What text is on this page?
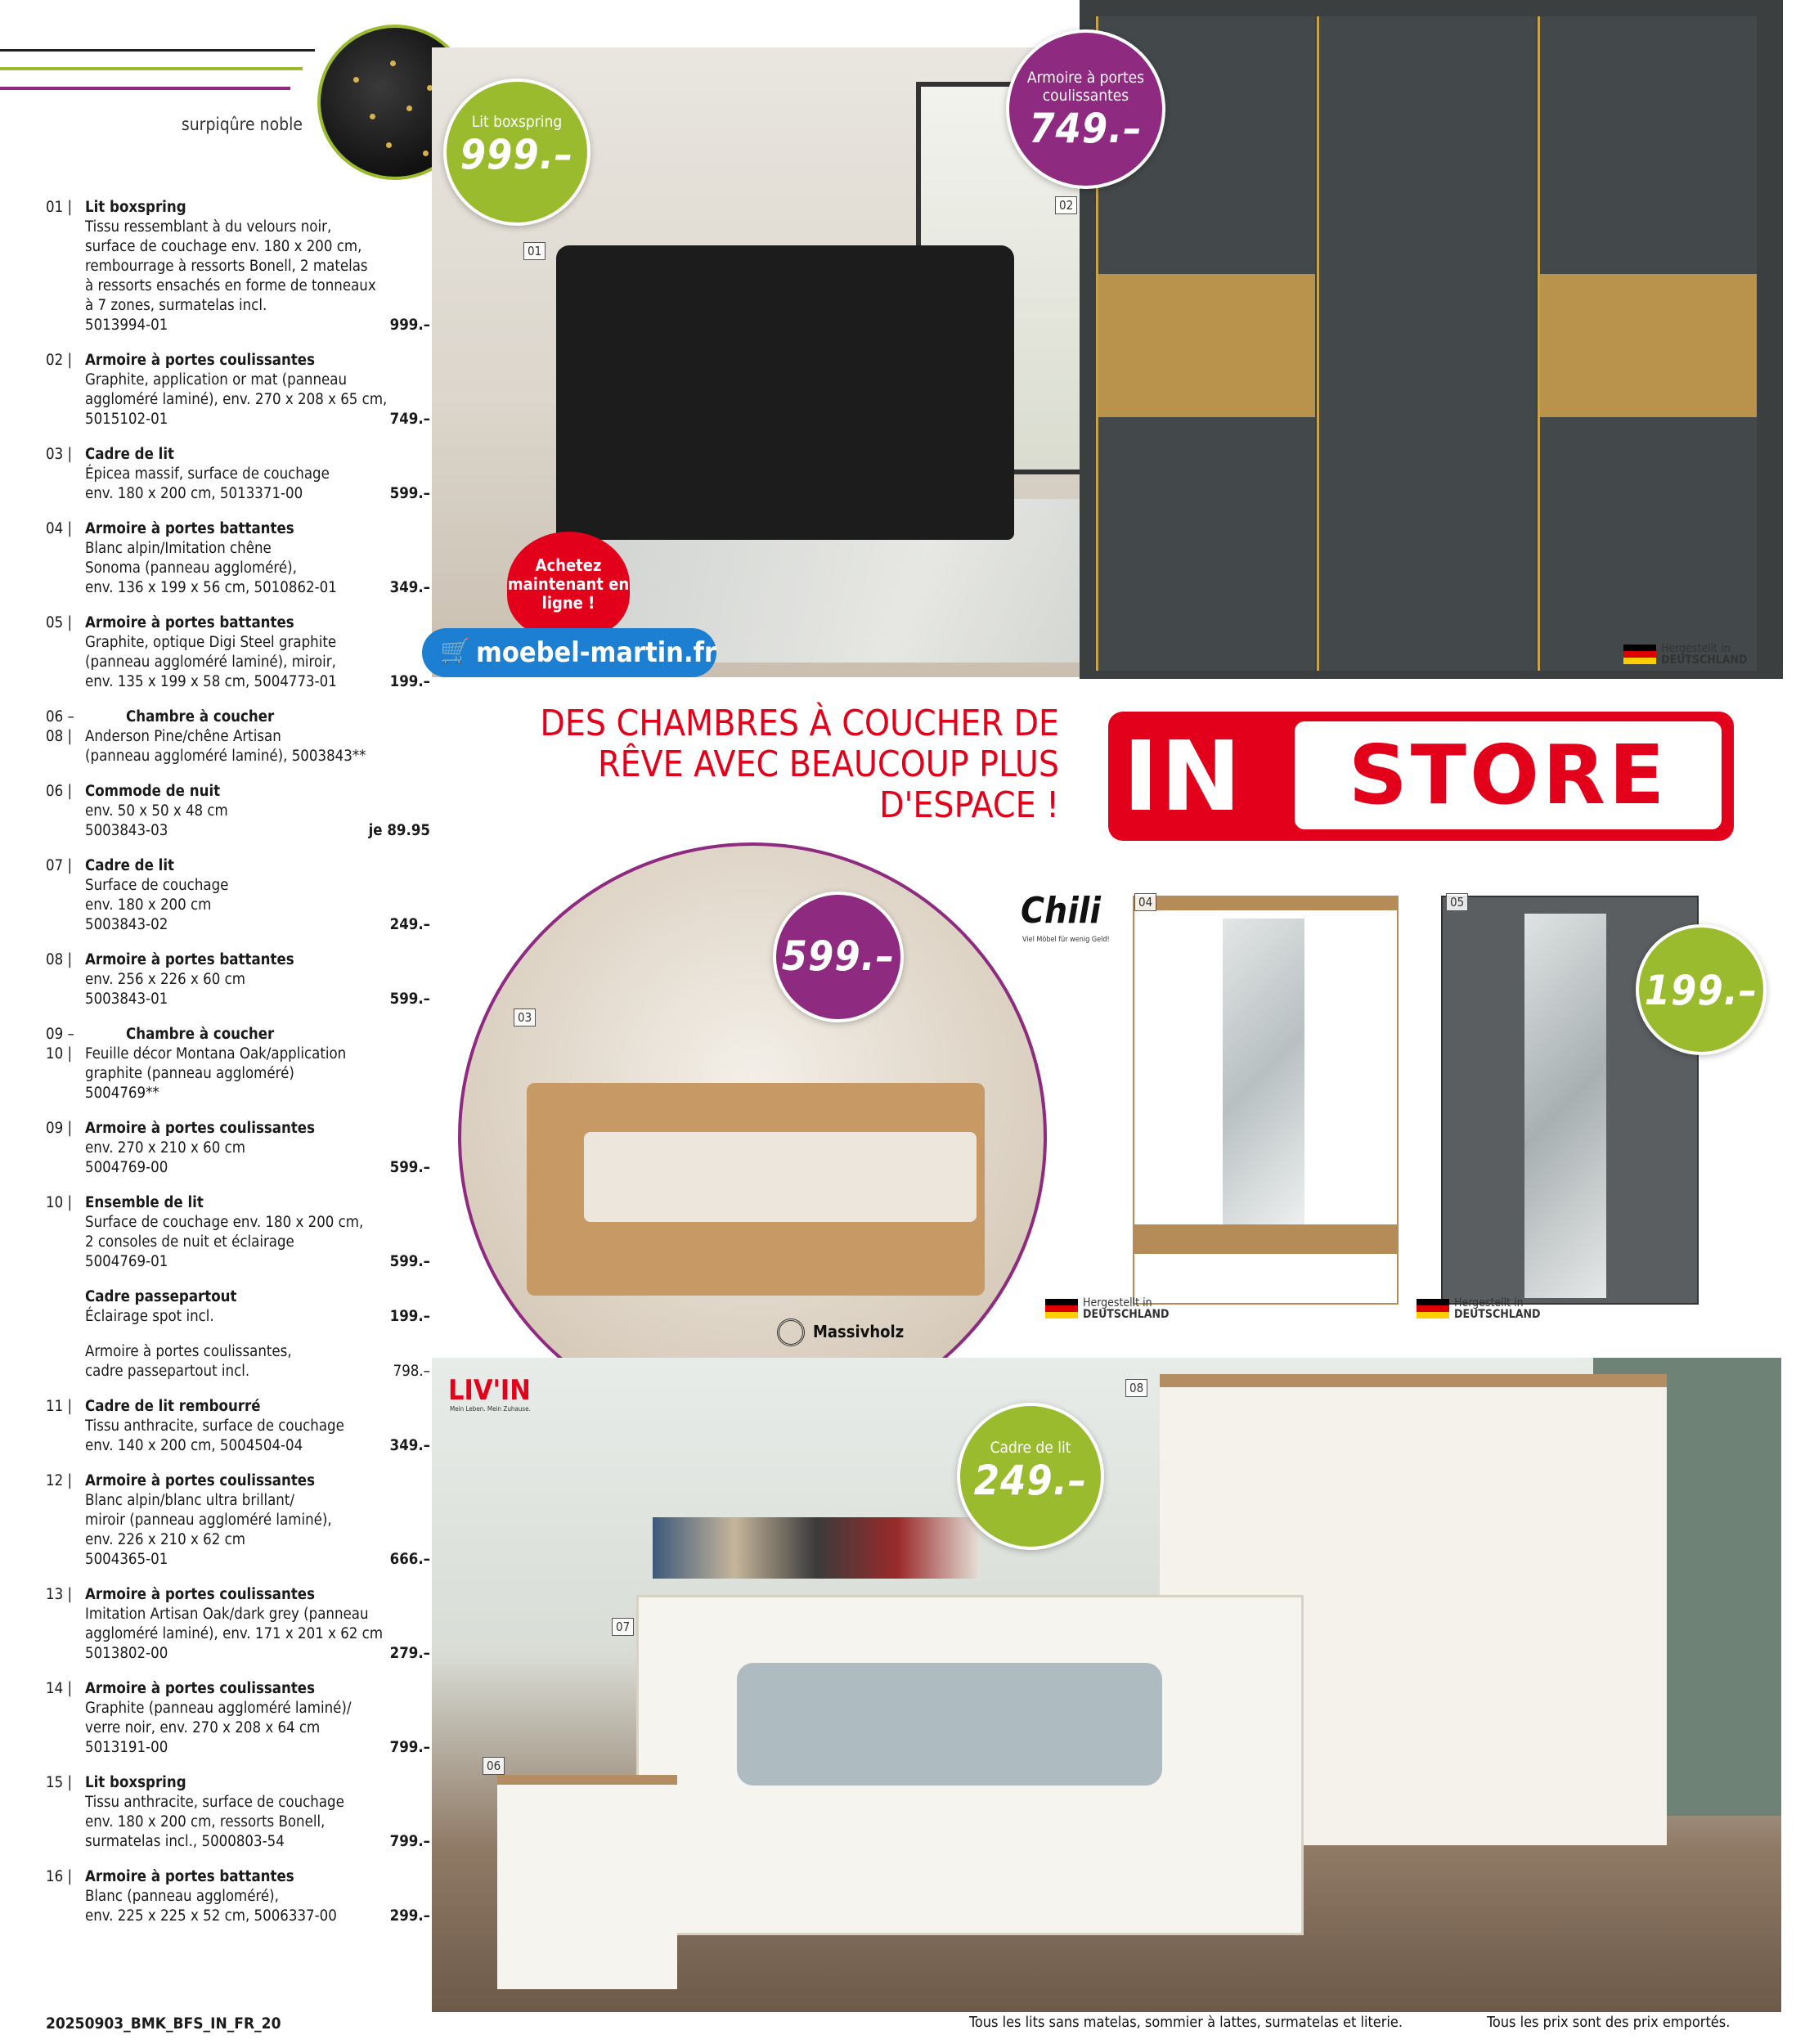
surpiqûre noble
01 | Lit boxspring
Tissu ressemblant à du velours noir,
surface de couchage env. 180 x 200 cm,
rembourrage à ressorts Bonell, 2 matelas
à ressorts ensachés en forme de tonneaux
à 7 zones, surmatelas incl.
5013994-01	999.–
02 | Armoire à portes coulissantes
Graphite, application or mat (panneau
aggloméré laminé), env. 270 x 208 x 65 cm,
5015102-01	749.–
03 | Cadre de lit
Épicea massif, surface de couchage
env. 180 x 200 cm, 5013371-00	599.–
04 | Armoire à portes battantes
Blanc alpin/Imitation chêne
Sonoma (panneau aggloméré),
env. 136 x 199 x 56 cm, 5010862-01	349.–
05 | Armoire à portes battantes
Graphite, optique Digi Steel graphite
(panneau aggloméré laminé), miroir,
env. 135 x 199 x 58 cm, 5004773-01	199.–
06 – 08 |
Chambre à coucher
Anderson Pine/chêne Artisan
(panneau aggloméré laminé), 5003843**
06 | Commode de nuit
env. 50 x 50 x 48 cm
5003843-03	je 89.95
07 | Cadre de lit
Surface de couchage
env. 180 x 200 cm
5003843-02	249.–
08 | Armoire à portes battantes
env. 256 x 226 x 60 cm
5003843-01	599.–
09 – 10 |
Chambre à coucher
Feuille décor Montana Oak/application
graphite (panneau aggloméré)
5004769**
09 | Armoire à portes coulissantes
env. 270 x 210 x 60 cm
5004769-00	599.–
10 | Ensemble de lit
Surface de couchage env. 180 x 200 cm,
2 consoles de nuit et éclairage
5004769-01	599.–
Cadre passepartout
Éclairage spot incl.	199.–
Armoire à portes coulissantes,
cadre passepartout incl.	798.–
11 | Cadre de lit rembourré
Tissu anthracite, surface de couchage
env. 140 x 200 cm, 5004504-04	349.–
12 | Armoire à portes coulissantes
Blanc alpin/blanc ultra brillant/
miroir (panneau aggloméré laminé),
env. 226 x 210 x 62 cm
5004365-01	666.–
13 | Armoire à portes coulissantes
Imitation Artisan Oak/dark grey (panneau
aggloméré laminé), env. 171 x 201 x 62 cm
5013802-00	279.–
14 | Armoire à portes coulissantes
Graphite (panneau aggloméré laminé)/
verre noir, env. 270 x 208 x 64 cm
5013191-00	799.–
15 | Lit boxspring
Tissu anthracite, surface de couchage
env. 180 x 200 cm, ressorts Bonell,
surmatelas incl., 5000803-54	799.–
16 | Armoire à portes battantes
Blanc (panneau aggloméré),
env. 225 x 225 x 52 cm, 5006337-00	299.–
01
02
Hergestellt in
DEUTSCHLAND
Lit boxspring
999.–
Armoire à portes coulissantes
749.–
Achetez maintenant en ligne !
🛒 moebel-martin.fr
DES CHAMBRES À COUCHER DE RÊVE AVEC BEAUCOUP PLUS D'ESPACE ! IN	STORE
03
599.–
Massivholz
Chili
Viel Möbel für wenig Geld!
04	05
199.–
Hergestellt in
DEUTSCHLAND
Hergestellt in
DEUTSCHLAND
LIV'IN
Mein Leben. Mein Zuhause.
08
07
06
Cadre de lit
249.–
20250903_BMK_BFS_IN_FR_20	Tous les lits sans matelas, sommier à lattes, surmatelas et literie.	Tous les prix sont des prix emportés.
